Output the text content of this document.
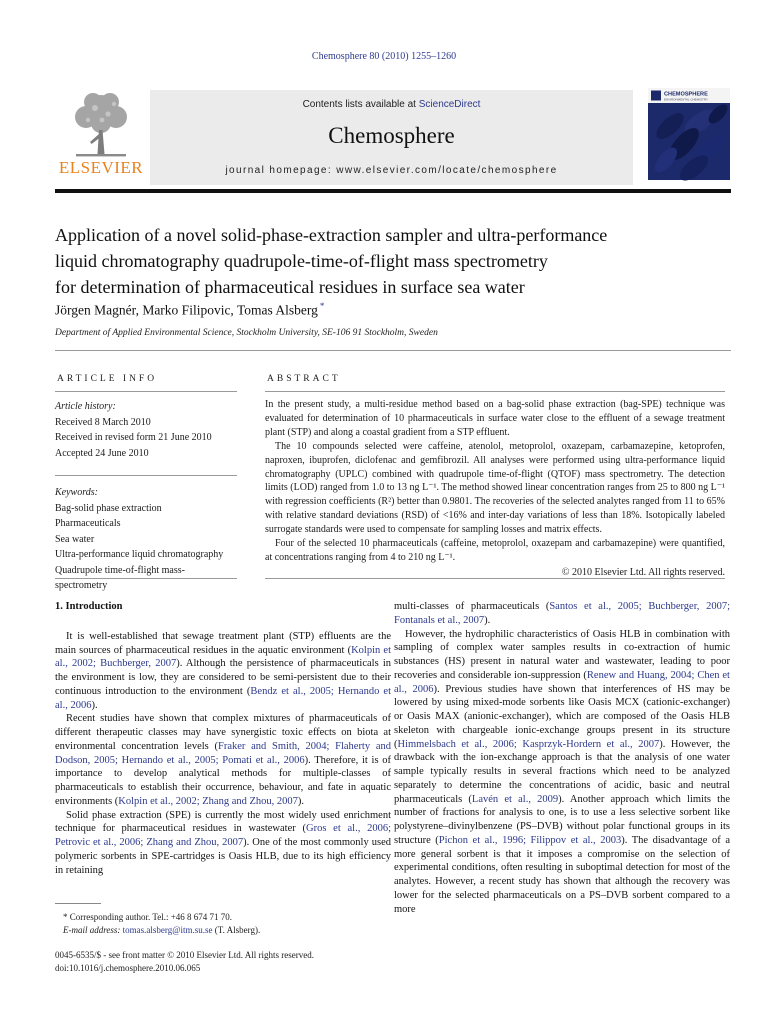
Chemosphere 80 (2010) 1255–1260
ELSEVIER
Contents lists available at ScienceDirect
Chemosphere
journal homepage: www.elsevier.com/locate/chemosphere
CHEMOSPHERE
ENVIRONMENTAL CHEMISTRY
Application of a novel solid-phase-extraction sampler and ultra-performance
liquid chromatography quadrupole-time-of-flight mass spectrometry
for determination of pharmaceutical residues in surface sea water
Jörgen Magnér, Marko Filipovic, Tomas Alsberg *
Department of Applied Environmental Science, Stockholm University, SE-106 91 Stockholm, Sweden
ARTICLE INFO	ABSTRACT
Article history:
Received 8 March 2010
Received in revised form 21 June 2010
Accepted 24 June 2010
Keywords:
Bag-solid phase extraction
Pharmaceuticals
Sea water
Ultra-performance liquid chromatography
Quadrupole time-of-flight mass-
spectrometry
In the present study, a multi-residue method based on a bag-solid phase extraction (bag-SPE) technique was evaluated for determination of 10 pharmaceuticals in surface water close to the effluent of a sewage treatment plant (STP) and along a coastal gradient from a STP effluent.
The 10 compounds selected were caffeine, atenolol, metoprolol, oxazepam, carbamazepine, ketoprofen, naproxen, ibuprofen, diclofenac and gemfibrozil. All analyses were performed using ultra-performance liquid chromatography (UPLC) combined with quadrupole time-of-flight (QTOF) mass spectrometry. The detection limits (LOD) ranged from 1.0 to 13 ng L⁻¹. The method showed linear concentration ranges from 25 to 800 ng L⁻¹ with regression coefficients (R²) better than 0.9801. The recoveries of the selected analytes ranged from 11 to 65% with relative standard deviations (RSD) of <16% and inter-day variations of less than 18%. Isotopically labeled surrogate standards were used to compensate for sampling losses and matrix effects.
Four of the selected 10 pharmaceuticals (caffeine, metoprolol, oxazepam and carbamazepine) were quantified, at concentrations ranging from 4 to 210 ng L⁻¹.
© 2010 Elsevier Ltd. All rights reserved.
1. Introduction
It is well-established that sewage treatment plant (STP) effluents are the main sources of pharmaceutical residues in the aquatic environment (Kolpin et al., 2002; Buchberger, 2007). Although the persistence of pharmaceuticals in the environment is low, they are considered to be semi-persistent due to their continuous introduction to the environment (Bendz et al., 2005; Hernando et al., 2006).
Recent studies have shown that complex mixtures of pharmaceuticals of different therapeutic classes may have synergistic toxic effects on biota at environmental concentration levels (Fraker and Smith, 2004; Flaherty and Dodson, 2005; Hernando et al., 2005; Pomati et al., 2006). Therefore, it is of importance to develop analytical methods for multiple-classes of pharmaceuticals to establish their occurrence, behaviour, and fate in aquatic environments (Kolpin et al., 2002; Zhang and Zhou, 2007).
Solid phase extraction (SPE) is currently the most widely used enrichment technique for pharmaceutical residues in wastewater (Gros et al., 2006; Petrovic et al., 2006; Zhang and Zhou, 2007). One of the most commonly used polymeric sorbents in SPE-cartridges is Oasis HLB, due to its high efficiency in retaining
multi-classes of pharmaceuticals (Santos et al., 2005; Buchberger, 2007; Fontanals et al., 2007).
However, the hydrophilic characteristics of Oasis HLB in combination with sampling of complex water samples results in co-extraction of humic substances (HS) present in natural water and wastewater, leading to poor recoveries and considerable ion-suppression (Renew and Huang, 2004; Chen et al., 2006). Previous studies have shown that interferences of HS may be lowered by using mixed-mode sorbents like Oasis MCX (cationic-exchanger) or Oasis MAX (anionic-exchanger), which are composed of the Oasis HLB skeleton with chargeable ionic-exchange groups present in its structure (Himmelsbach et al., 2006; Kasprzyk-Hordern et al., 2007). However, the drawback with the ion-exchange approach is that the analysis of one water sample typically results in several fractions which need to be analyzed separately to determine the concentrations of acidic, basic and neutral pharmaceuticals (Lavén et al., 2009). Another approach which limits the number of fractions for analysis to one, is to use a less selective sorbent like polystyrene–divinylbenzene (PS–DVB) without polar functional groups in its structure (Pichon et al., 1996; Filippov et al., 2003). The disadvantage of a more general sorbent is that it imposes a compromise on the selection of experimental conditions, often resulting in suboptimal detection for most of the analytes. However, a recent study has shown that although the recovery was lower for the selected pharmaceuticals on a PS–DVB sorbent compared to a more
* Corresponding author. Tel.: +46 8 674 71 70.
E-mail address: tomas.alsberg@itm.su.se (T. Alsberg).
0045-6535/$ - see front matter © 2010 Elsevier Ltd. All rights reserved.
doi:10.1016/j.chemosphere.2010.06.065
